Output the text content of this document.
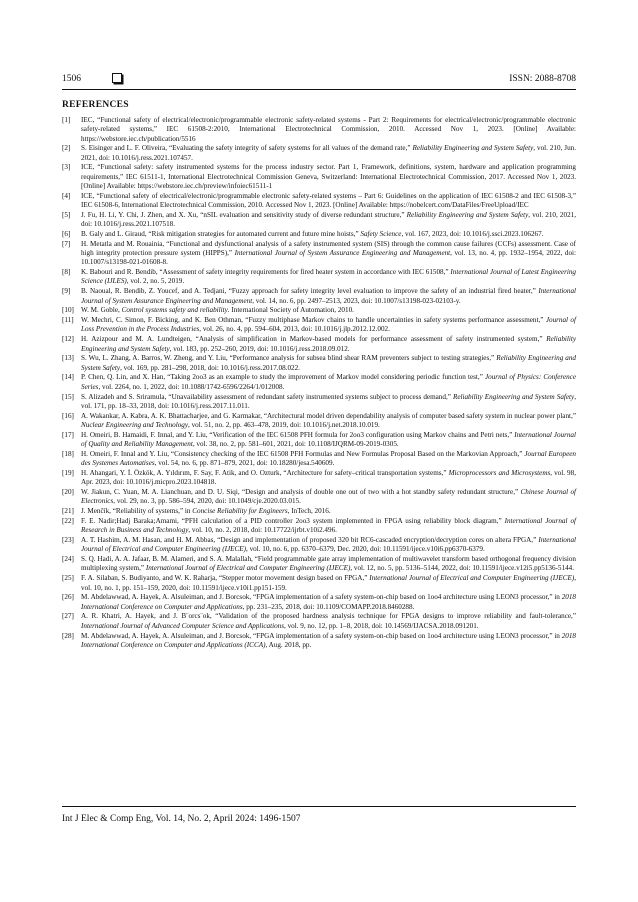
1506	ISSN: 2088-8708
REFERENCES
[1]	IEC, “Functional safety of electrical/electronic/programmable electronic safety-related systems - Part 2: Requirements for electrical/electronic/programmable electronic safety-related systems,” IEC 61508-2:2010, International Electrotechnical Commission, 2010. Accessed Nov 1, 2023. [Online] Available: https://webstore.iec.ch/publication/5516
[2]	S. Eisinger and L. F. Oliveira, “Evaluating the safety integrity of safety systems for all values of the demand rate,” Reliability Engineering and System Safety, vol. 210, Jun. 2021, doi: 10.1016/j.ress.2021.107457.
[3]	ICE, “Functional safety: safety instrumented systems for the process industry sector. Part 1, Framework, definitions, system, hardware and application programming requirements,” IEC 61511-1, International Electrotechnical Commission Geneva, Switzerland: International Electrotechnical Commission, 2017. Accessed Nov 1, 2023. [Online] Available: https://webstore.iec.ch/preview/infoiec61511-1
[4]	ICE, “Functional safety of electrical/electronic/programmable electronic safety-related systems – Part 6: Guidelines on the application of IEC 61508-2 and IEC 61508-3,” IEC 61508-6, International Electrotechnical Commission, 2010. Accessed Nov 1, 2023. [Online] Available: https://nobelcert.com/DataFiles/FreeUpload/IEC
[5]	J. Fu, H. Li, Y. Chi, J. Zhen, and X. Xu, “nSIL evaluation and sensitivity study of diverse redundant structure,” Reliability Engineering and System Safety, vol. 210, 2021, doi: 10.1016/j.ress.2021.107518.
[6]	B. Galy and L. Giraud, “Risk mitigation strategies for automated current and future mine hoists,” Safety Science, vol. 167, 2023, doi: 10.1016/j.ssci.2023.106267.
[7]	H. Metatla and M. Rouainia, “Functional and dysfunctional analysis of a safety instrumented system (SIS) through the common cause failures (CCFs) assessment. Case of high integrity protection pressure system (HIPPS),” International Journal of System Assurance Engineering and Management, vol. 13, no. 4, pp. 1932–1954, 2022, doi: 10.1007/s13198-021-01608-8.
[8]	K. Babouri and R. Bendib, “Assessment of safety integrity requirements for fired heater system in accordance with IEC 61508,” International Journal of Latest Engineering Science (IJLES), vol. 2, no. 5, 2019.
[9]	B. Naoual, R. Bendib, Z. Youcef, and A. Tedjani, “Fuzzy approach for safety integrity level evaluation to improve the safety of an industrial fired heater,” International Journal of System Assurance Engineering and Management, vol. 14, no. 6, pp. 2497–2513, 2023, doi: 10.1007/s13198-023-02103-y.
[10] W. M. Goble, Control systems safety and reliability. International Society of Automation, 2010.
[11]	W. Mechri, C. Simon, F. Bicking, and K. Ben Othman, “Fuzzy multiphase Markov chains to handle uncertainties in safety systems performance assessment,” Journal of Loss Prevention in the Process Industries, vol. 26, no. 4, pp. 594–604, 2013, doi: 10.1016/j.jlp.2012.12.002.
[12] H. Azizpour and M. A. Lundteigen, “Analysis of simplification in Markov-based models for performance assessment of safety instrumented system,” Reliability Engineering and System Safety, vol. 183, pp. 252–260, 2019, doi: 10.1016/j.ress.2018.09.012.
[13] S. Wu, L. Zhang, A. Barros, W. Zheng, and Y. Liu, “Performance analysis for subsea blind shear RAM preventers subject to testing strategies,” Reliability Engineering and System Safety, vol. 169, pp. 281–298, 2018, doi: 10.1016/j.ress.2017.08.022.
[14] P. Chen, Q. Lin, and X. Han, “Taking 2oo3 as an example to study the improvement of Markov model considering periodic function test,” Journal of Physics: Conference Series, vol. 2264, no. 1, 2022, doi: 10.1088/1742-6596/2264/1/012008.
[15] S. Alizadeh and S. Sriramula, “Unavailability assessment of redundant safety instrumented systems subject to process demand,” Reliability Engineering and System Safety, vol. 171, pp. 18–33, 2018, doi: 10.1016/j.ress.2017.11.011.
[16] A. Wakankar, A. Kabra, A. K. Bhattacharjee, and G. Karmakar, “Architectural model driven dependability analysis of computer based safety system in nuclear power plant,” Nuclear Engineering and Technology, vol. 51, no. 2, pp. 463–478, 2019, doi: 10.1016/j.net.2018.10.019.
[17] H. Omeiri, B. Hamaidi, F. Innal, and Y. Liu, “Verification of the IEC 61508 PFH formula for 2oo3 configuration using Markov chains and Petri nets,” International Journal of Quality and Reliability Management, vol. 38, no. 2, pp. 581–601, 2021, doi: 10.1108/IJQRM-09-2019-0305.
[18] H. Omeiri, F. Innal and Y. Liu, “Consistency checking of the IEC 61508 PFH Formulas and New Formulas Proposal Based on the Markovian Approach,” Journal Europeen des Systemes Automatises, vol. 54, no. 6, pp. 871–879, 2021, doi: 10.18280/jesa.540609.
[19] H. Ahangari, Y. İ. Özkök, A. Yıldırım, F. Say, F. Atik, and O. Ozturk, “Architecture for safety–critical transportation systems,” Microprocessors and Microsystems, vol. 98, Apr. 2023, doi: 10.1016/j.micpro.2023.104818.
[20] W. Jiakun, C. Yuan, M. A. Lianchuan, and D. U. Siqi, “Design and analysis of double one out of two with a hot standby safety redundant structure,” Chinese Journal of Electronics, vol. 29, no. 3, pp. 586–594, 2020, doi: 10.1049/cje.2020.03.015.
[21] J. Menčík, “Reliability of systems,” in Concise Reliability for Engineers, InTech, 2016.
[22] F. E. Nadir;Hadj Baraka;Amami, “PFH calculation of a PID controller 2oo3 system implemented in FPGA using reliability block diagram,” International Journal of Research in Business and Technology, vol. 10, no. 2, 2018, doi: 10.17722/ijrbt.v10i2.496.
[23] A. T. Hashim, A. M. Hasan, and H. M. Abbas, “Design and implementation of proposed 320 bit RC6-cascaded encryption/decryption cores on altera FPGA,” International Journal of Electrical and Computer Engineering (IJECE), vol. 10, no. 6, pp. 6370–6379, Dec. 2020, doi: 10.11591/ijece.v10i6.pp6370-6379.
[24] S. Q. Hadi, A. A. Jafaar, B. M. Alameri, and S. A. Malallah, “Field programmable gate array implementation of multiwavelet transform based orthogonal frequency division multiplexing system,” International Journal of Electrical and Computer Engineering (IJECE), vol. 12, no. 5, pp. 5136–5144, 2022, doi: 10.11591/ijece.v12i5.pp5136-5144.
[25] F. A. Silaban, S. Budiyanto, and W. K. Raharja, “Stepper motor movement design based on FPGA,” International Journal of Electrical and Computer Engineering (IJECE), vol. 10, no. 1, pp. 151–159, 2020, doi: 10.11591/ijece.v10i1.pp151-159.
[26] M. Abdelawwad, A. Hayek, A. Alsuleiman, and J. Borcsok, “FPGA implementation of a safety system-on-chip based on 1oo4 architecture using LEON3 processor,” in 2018 International Conference on Computer and Applications, pp. 231–235, 2018, doi: 10.1109/COMAPP.2018.8460288.
[27] A. R. Khatri, A. Hayek, and J. B¨orcs¨ok, “Validation of the proposed hardness analysis technique for FPGA designs to improve reliability and fault-tolerance,” International Journal of Advanced Computer Science and Applications, vol. 9, no. 12, pp. 1–8, 2018, doi: 10.14569/IJACSA.2018.091201.
[28] M. Abdelawwad, A. Hayek, A. Alsuleiman, and J. Borcsok, “FPGA implementation of a safety system-on-chip based on 1oo4 architecture using LEON3 processor,” in 2018 International Conference on Computer and Applications (ICCA), Aug. 2018, pp.
Int J Elec & Comp Eng, Vol. 14, No. 2, April 2024: 1496-1507
